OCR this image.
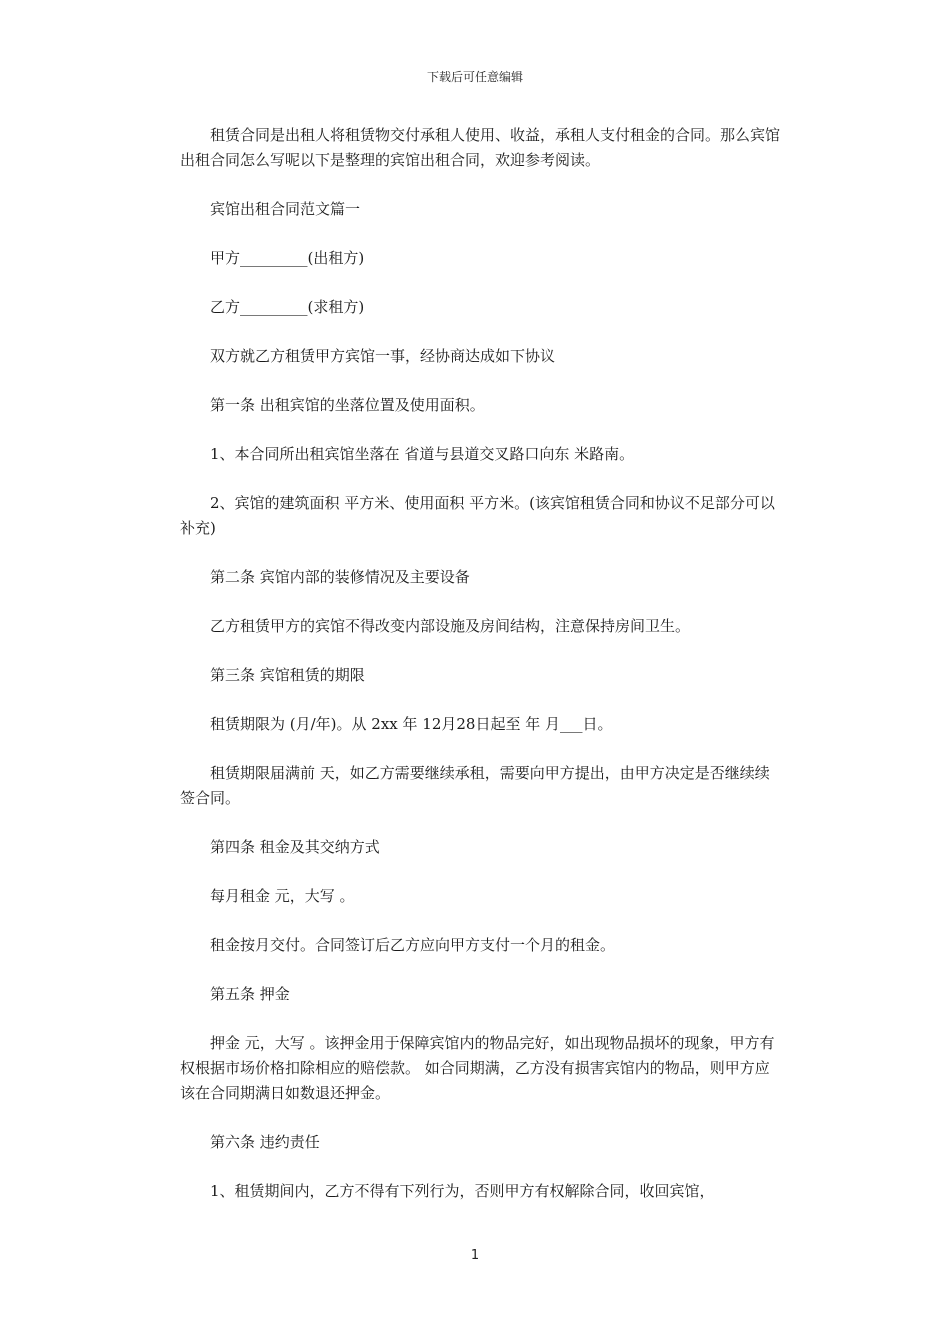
下载后可任意编辑

租赁合同是出租人将租赁物交付承租人使用、收益，承租人支付租金的合同。那么宾馆出租合同怎么写呢以下是整理的宾馆出租合同，欢迎参考阅读。

宾馆出租合同范文篇一

甲方_________(出租方)

乙方_________(求租方)

双方就乙方租赁甲方宾馆一事，经协商达成如下协议

第一条 出租宾馆的坐落位置及使用面积。

1、本合同所出租宾馆坐落在 省道与县道交叉路口向东 米路南。

2、宾馆的建筑面积 平方米、使用面积 平方米。(该宾馆租赁合同和协议不足部分可以补充)

第二条 宾馆内部的装修情况及主要设备

乙方租赁甲方的宾馆不得改变内部设施及房间结构，注意保持房间卫生。

第三条 宾馆租赁的期限

租赁期限为 (月/年)。从 2xx 年 12月28日起至 年 月___日。

租赁期限届满前 天，如乙方需要继续承租，需要向甲方提出，由甲方决定是否继续续签合同。

第四条 租金及其交纳方式

每月租金 元，大写 。

租金按月交付。合同签订后乙方应向甲方支付一个月的租金。

第五条 押金

押金 元，大写 。该押金用于保障宾馆内的物品完好，如出现物品损坏的现象，甲方有权根据市场价格扣除相应的赔偿款。 如合同期满，乙方没有损害宾馆内的物品，则甲方应该在合同期满日如数退还押金。

第六条 违约责任

1、租赁期间内，乙方不得有下列行为，否则甲方有权解除合同，收回宾馆，

1
